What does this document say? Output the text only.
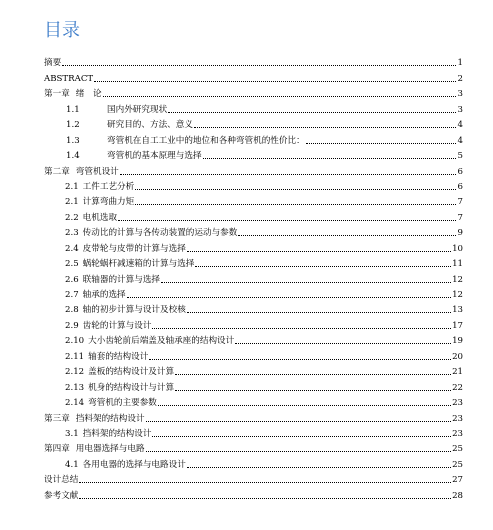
目录
摘要	1
ABSTRACT	2
第一章 绪　论	3
1.1	国内外研究现状	3
1.2	研究目的、方法、意义	4
1.3	弯管机在自工工业中的地位和各种弯管机的性价比：	4
1.4	弯管机的基本原理与选择	5
第二章 弯管机设计	6
2.1 工件工艺分析	6
2.1 计算弯曲力矩	7
2.2 电机选取	7
2.3 传动比的计算与各传动装置的运动与参数	9
2.4 皮带轮与皮带的计算与选择	10
2.5 蜗轮蜗杆减速箱的计算与选择	11
2.6 联轴器的计算与选择	12
2.7 轴承的选择	12
2.8 轴的初步计算与设计及校核	13
2.9 齿轮的计算与设计	17
2.10 大小齿轮前后端盖及轴承座的结构设计	19
2.11 轴套的结构设计	20
2.12 盖板的结构设计及计算	21
2.13 机身的结构设计与计算	22
2.14 弯管机的主要参数	23
第三章 挡料架的结构设计	23
3.1 挡料架的结构设计	23
第四章 用电器选择与电路	25
4.1 各用电器的选择与电路设计	25
设计总结	27
参考文献	28
